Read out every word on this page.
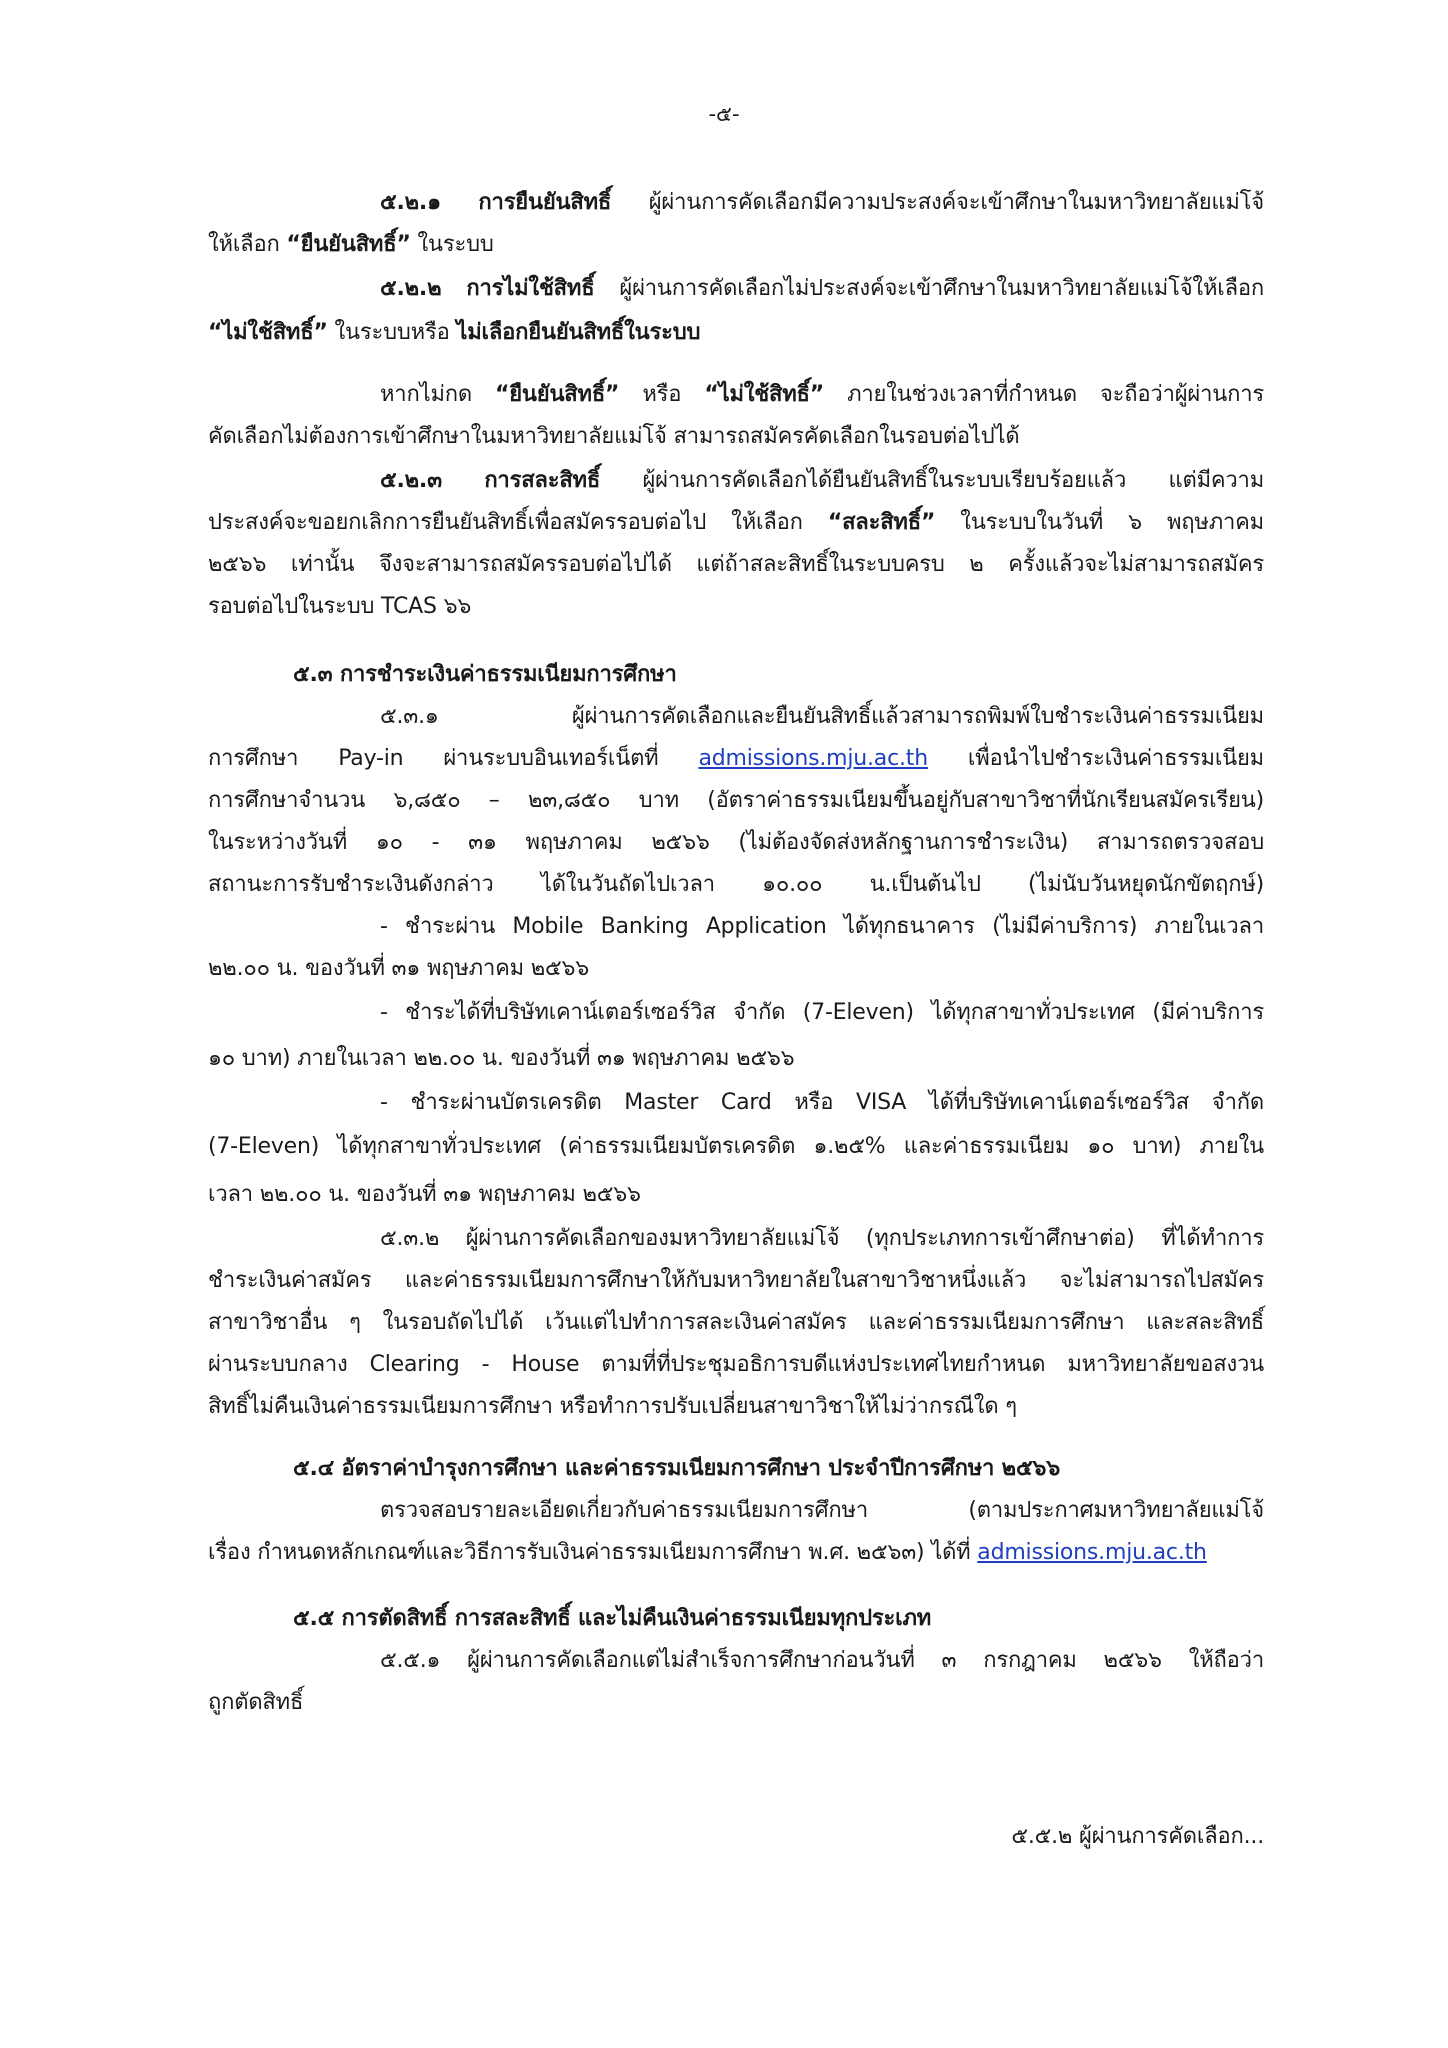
-๕-
๕.๒.๑ การยืนยันสิทธิ์ ผู้ผ่านการคัดเลือกมีความประสงค์จะเข้าศึกษาในมหาวิทยาลัยแม่โจ้
ให้เลือก “ยืนยันสิทธิ์” ในระบบ
๕.๒.๒ การไม่ใช้สิทธิ์ ผู้ผ่านการคัดเลือกไม่ประสงค์จะเข้าศึกษาในมหาวิทยาลัยแม่โจ้ให้เลือก
“ไม่ใช้สิทธิ์” ในระบบหรือ ไม่เลือกยืนยันสิทธิ์ในระบบ
หากไม่กด “ยืนยันสิทธิ์” หรือ “ไม่ใช้สิทธิ์” ภายในช่วงเวลาที่กำหนด จะถือว่าผู้ผ่านการ
คัดเลือกไม่ต้องการเข้าศึกษาในมหาวิทยาลัยแม่โจ้ สามารถสมัครคัดเลือกในรอบต่อไปได้
๕.๒.๓ การสละสิทธิ์ ผู้ผ่านการคัดเลือกได้ยืนยันสิทธิ์ในระบบเรียบร้อยแล้ว แต่มีความ
ประสงค์จะขอยกเลิกการยืนยันสิทธิ์เพื่อสมัครรอบต่อไป ให้เลือก “สละสิทธิ์” ในระบบในวันที่ ๖ พฤษภาคม
๒๕๖๖ เท่านั้น จึงจะสามารถสมัครรอบต่อไปได้ แต่ถ้าสละสิทธิ์ในระบบครบ ๒ ครั้งแล้วจะไม่สามารถสมัคร
รอบต่อไปในระบบ TCAS ๖๖
๕.๓ การชำระเงินค่าธรรมเนียมการศึกษา
๕.๓.๑ ผู้ผ่านการคัดเลือกและยืนยันสิทธิ์แล้วสามารถพิมพ์ใบชำระเงินค่าธรรมเนียม
การศึกษา Pay-in ผ่านระบบอินเทอร์เน็ตที่ admissions.mju.ac.th เพื่อนำไปชำระเงินค่าธรรมเนียม
การศึกษาจำนวน ๖,๘๕๐ – ๒๓,๘๕๐ บาท (อัตราค่าธรรมเนียมขึ้นอยู่กับสาขาวิชาที่นักเรียนสมัครเรียน)
ในระหว่างวันที่ ๑๐ - ๓๑ พฤษภาคม ๒๕๖๖ (ไม่ต้องจัดส่งหลักฐานการชำระเงิน) สามารถตรวจสอบ
สถานะการรับชำระเงินดังกล่าว ได้ในวันถัดไปเวลา ๑๐.๐๐ น.เป็นต้นไป (ไม่นับวันหยุดนักขัตฤกษ์)
- ชำระผ่าน Mobile Banking Application ได้ทุกธนาคาร (ไม่มีค่าบริการ) ภายในเวลา
๒๒.๐๐ น. ของวันที่ ๓๑ พฤษภาคม ๒๕๖๖
- ชำระได้ที่บริษัทเคาน์เตอร์เซอร์วิส จำกัด (7-Eleven) ได้ทุกสาขาทั่วประเทศ (มีค่าบริการ
๑๐ บาท) ภายในเวลา ๒๒.๐๐ น. ของวันที่ ๓๑ พฤษภาคม ๒๕๖๖
- ชำระผ่านบัตรเครดิต Master Card หรือ VISA ได้ที่บริษัทเคาน์เตอร์เซอร์วิส จำกัด
(7-Eleven) ได้ทุกสาขาทั่วประเทศ (ค่าธรรมเนียมบัตรเครดิต ๑.๒๕% และค่าธรรมเนียม ๑๐ บาท) ภายใน
เวลา ๒๒.๐๐ น. ของวันที่ ๓๑ พฤษภาคม ๒๕๖๖
๕.๓.๒ ผู้ผ่านการคัดเลือกของมหาวิทยาลัยแม่โจ้ (ทุกประเภทการเข้าศึกษาต่อ) ที่ได้ทำการ
ชำระเงินค่าสมัคร และค่าธรรมเนียมการศึกษาให้กับมหาวิทยาลัยในสาขาวิชาหนึ่งแล้ว จะไม่สามารถไปสมัคร
สาขาวิชาอื่น ๆ ในรอบถัดไปได้ เว้นแต่ไปทำการสละเงินค่าสมัคร และค่าธรรมเนียมการศึกษา และสละสิทธิ์
ผ่านระบบกลาง Clearing - House ตามที่ที่ประชุมอธิการบดีแห่งประเทศไทยกำหนด มหาวิทยาลัยขอสงวน
สิทธิ์ไม่คืนเงินค่าธรรมเนียมการศึกษา หรือทำการปรับเปลี่ยนสาขาวิชาให้ไม่ว่ากรณีใด ๆ
๕.๔ อัตราค่าบำรุงการศึกษา และค่าธรรมเนียมการศึกษา ประจำปีการศึกษา ๒๕๖๖
ตรวจสอบรายละเอียดเกี่ยวกับค่าธรรมเนียมการศึกษา (ตามประกาศมหาวิทยาลัยแม่โจ้
เรื่อง กำหนดหลักเกณฑ์และวิธีการรับเงินค่าธรรมเนียมการศึกษา พ.ศ. ๒๕๖๓) ได้ที่ admissions.mju.ac.th
๕.๕ การตัดสิทธิ์ การสละสิทธิ์ และไม่คืนเงินค่าธรรมเนียมทุกประเภท
๕.๕.๑ ผู้ผ่านการคัดเลือกแต่ไม่สำเร็จการศึกษาก่อนวันที่ ๓ กรกฎาคม ๒๕๖๖ ให้ถือว่า
ถูกตัดสิทธิ์
๕.๕.๒ ผู้ผ่านการคัดเลือก...
